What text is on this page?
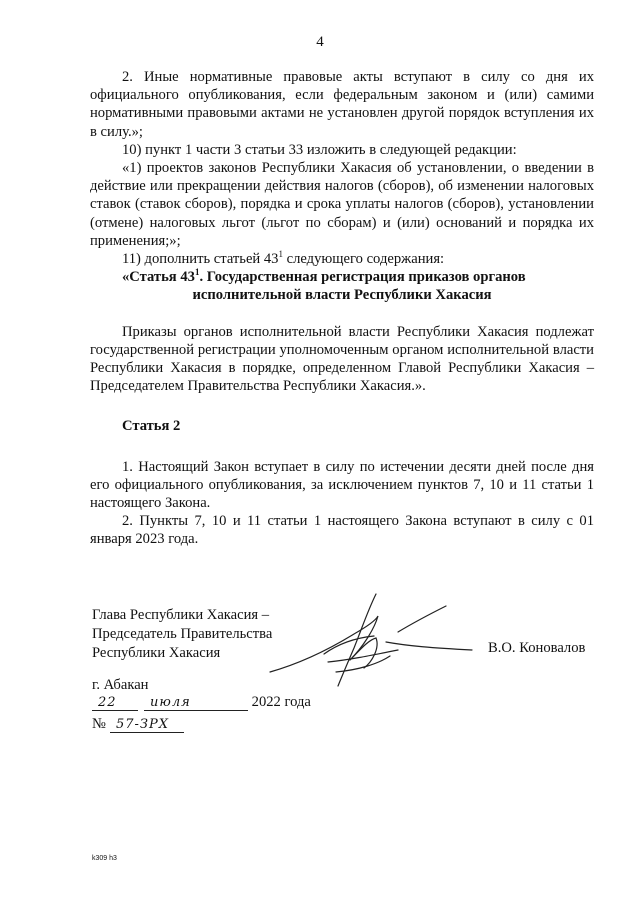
4

2. Иные нормативные правовые акты вступают в силу со дня их официального опубликования, если федеральным законом и (или) самими нормативными правовыми актами не установлен другой порядок вступления их в силу.»;

10) пункт 1 части 3 статьи 33 изложить в следующей редакции:

«1) проектов законов Республики Хакасия об установлении, о введении в действие или прекращении действия налогов (сборов), об изменении налоговых ставок (ставок сборов), порядка и срока уплаты налогов (сборов), установлении (отмене) налоговых льгот (льгот по сборам) и (или) оснований и порядка их применения;»;

11) дополнить статьей $43^1$ следующего содержания:

«Статья $43^1$. Государственная регистрация приказов органов

исполнительной власти Республики Хакасия

Приказы органов исполнительной власти Республики Хакасия подлежат государственной регистрации уполномоченным органом исполнительной власти Республики Хакасия в порядке, определенном Главой Республики Хакасия – Председателем Правительства Республики Хакасия.».

Статья 2

1. Настоящий Закон вступает в силу по истечении десяти дней после дня его официального опубликования, за исключением пунктов 7, 10 и 11 статьи 1 настоящего Закона.

2. Пункты 7, 10 и 11 статьи 1 настоящего Закона вступают в силу с 01 января 2023 года.

Глава Республики Хакасия –
Председатель Правительства
Республики Хакасия	В.О. Коновалов
г. Абакан
22	июля	2022 года
№ 57-ЗРХ
k309 h3
